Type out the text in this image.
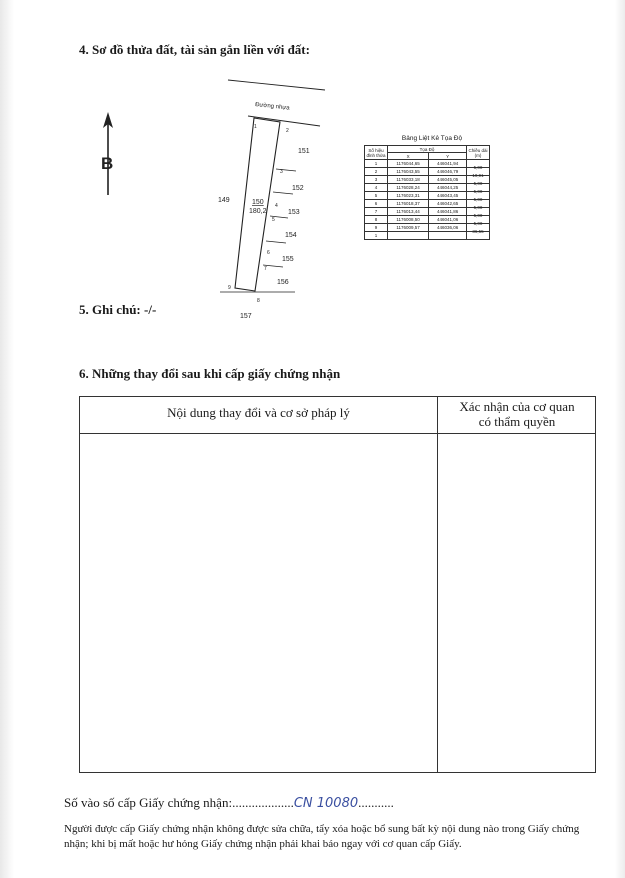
4. Sơ đồ thửa đất, tài sản gắn liền với đất:
B
Đường nhựa
1
2
3
4
5
6
7
8
9
150
180,2
149
151
152
153
154
155
156
157
Bảng Liệt Kê Tọa Độ
Số hiệu đỉnh thửa	Tọa Độ		Chiều dài (m)
	X	Y	
1	1176044,65	446041,94	5,00
2	1176043,55	446046,79	10,91
3	1176033,18	446045,05	5,00
4	1176028,24	446044,25	5,00
5	1176023,31	446043,45	5,00
6	1176018,37	446042,65	5,00
7	1176013,44	446041,86	5,00
8	1176008,50	446041,06	5,00
9	1176009,57	446036,06	36,55
1			
5. Ghi chú: -/-
6. Những thay đổi sau khi cấp giấy chứng nhận
Nội dung thay đổi và cơ sở pháp lý	Xác nhận của cơ quan
có thẩm quyền
Số vào số cấp Giấy chứng nhận:...................CN 10080...........
Người được cấp Giấy chứng nhận không được sửa chữa, tẩy xóa hoặc bổ sung bất kỳ nội dung nào trong Giấy chứng nhận; khi bị mất hoặc hư hỏng Giấy chứng nhận phải khai báo ngay với cơ quan cấp Giấy.
